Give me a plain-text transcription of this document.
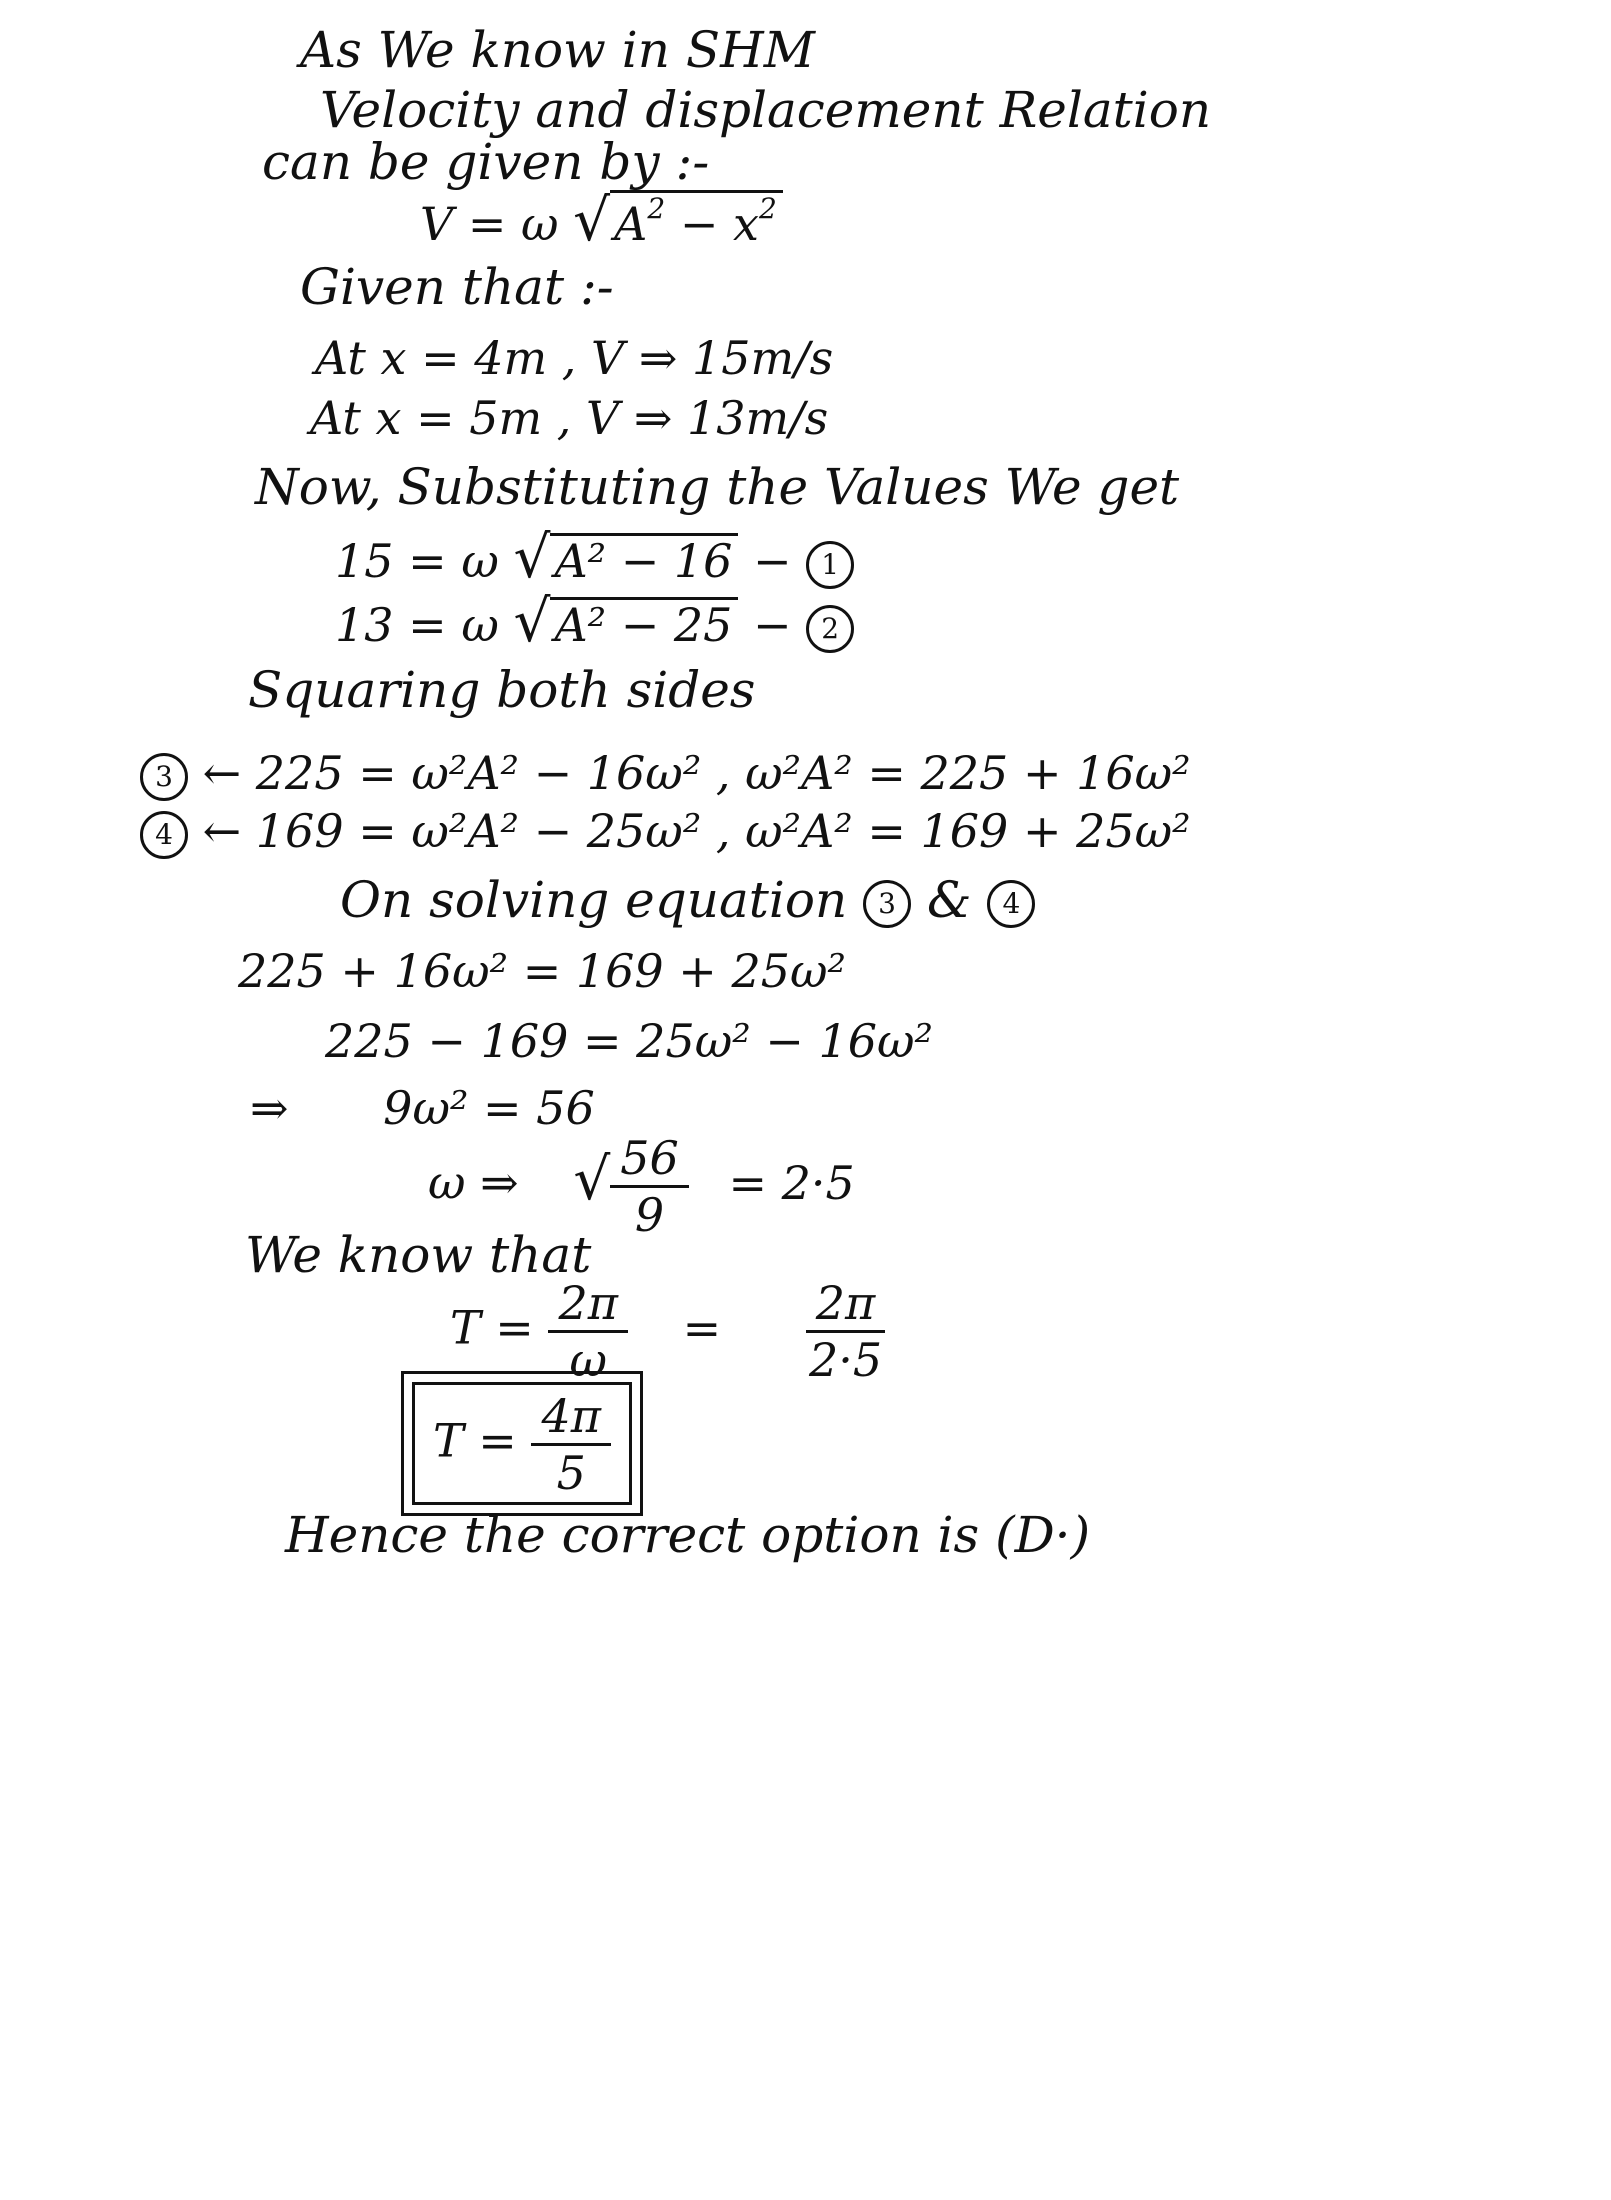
As We know in SHM
Velocity and displacement Relation
can be given by :-
V = ω $√A^2 - x^2$
Given that :-
At x = 4m , V ⇒ 15m/s
At x = 5m , V ⇒ 13m/s
Now, Substituting the Values We get
15 = ω √A² − 16 − 1
13 = ω √A² − 25 − 2
Squaring both sides
3 ← 225 = ω²A² − 16ω² , ω²A² = 225 + 16ω²
4 ← 169 = ω²A² − 25ω² , ω²A² = 169 + 25ω²
On solving equation 3 & 4
225 + 16ω² = 169 + 25ω²
225 − 169 = 25ω² − 16ω²
⇒ 9ω² = 56
ω ⇒ √ $\frac{56}{9} = 2\cdot 5$
We know that
$T = \frac{2\pi}{\omega} = \frac{2\pi}{2\cdot 5}$
$T = \frac{4\pi}{5}$
Hence the correct option is (D·)
